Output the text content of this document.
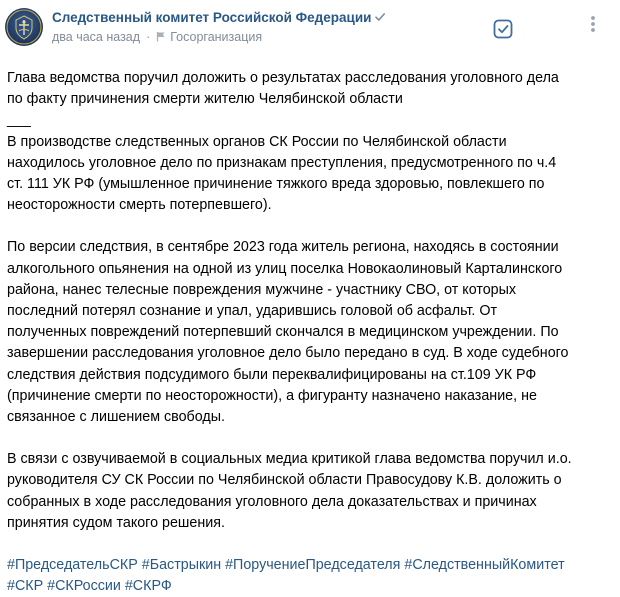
Следственный комитет Российской Федерации
два часа назад · Госорганизация

Глава ведомства поручил доложить о результатах расследования уголовного дела
по факту причинения смерти жителю Челябинской области
___

В производстве следственных органов СК России по Челябинской области
находилось уголовное дело по признакам преступления, предусмотренного по ч.4
ст. 111 УК РФ (умышленное причинение тяжкого вреда здоровью, повлекшего по
неосторожности смерть потерпевшего).

По версии следствия, в сентябре 2023 года житель региона, находясь в состоянии
алкогольного опьянения на одной из улиц поселка Новокаолиновый Карталинского
района, нанес телесные повреждения мужчине - участнику СВО, от которых
последний потерял сознание и упал, ударившись головой об асфальт. От
полученных повреждений потерпевший скончался в медицинском учреждении. По
завершении расследования уголовное дело было передано в суд. В ходе судебного
следствия действия подсудимого были переквалифицированы на ст.109 УК РФ
(причинение смерти по неосторожности), а фигуранту назначено наказание, не
связанное с лишением свободы.

В связи с озвучиваемой в социальных медиа критикой глава ведомства поручил и.о.
руководителя СУ СК России по Челябинской области Правосудову К.В. доложить о
собранных в ходе расследования уголовного дела доказательствах и причинах
принятия судом такого решения.

#ПредседательСКР #Бастрыкин #ПоручениеПредседателя #СледственныйКомитет
#СКР #СКРоссии #СКРФ
